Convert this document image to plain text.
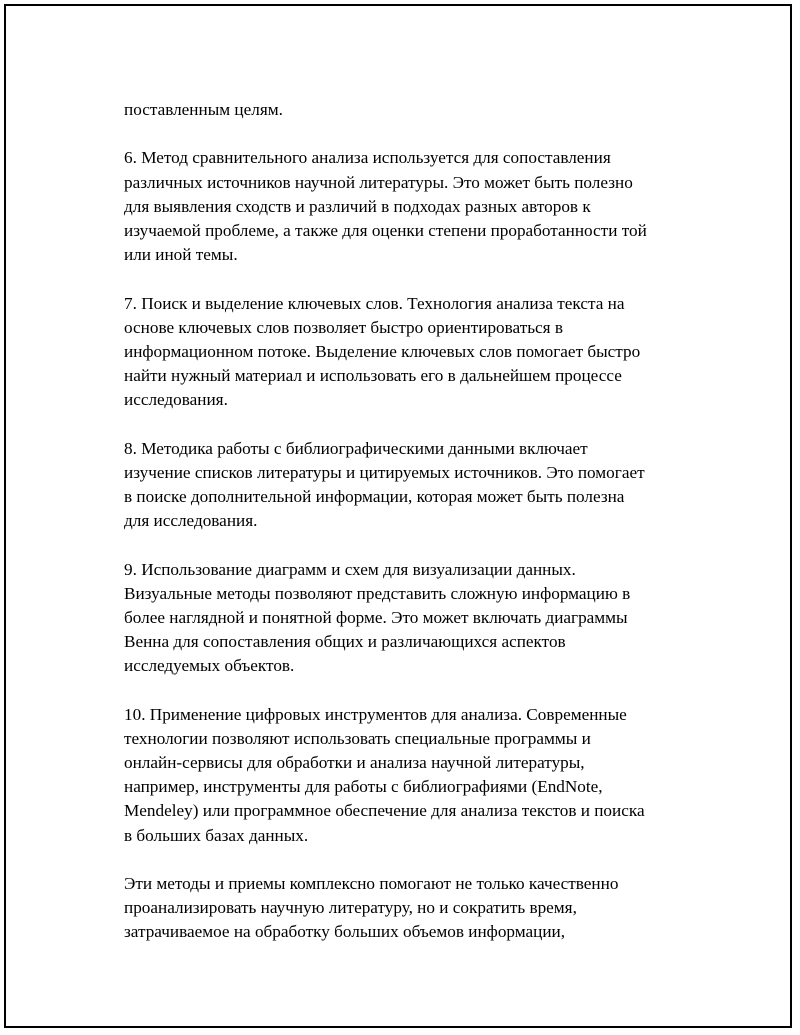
поставленным целям.
6. Метод сравнительного анализа используется для сопоставления
различных источников научной литературы. Это может быть полезно
для выявления сходств и различий в подходах разных авторов к
изучаемой проблеме, а также для оценки степени проработанности той
или иной темы.
7. Поиск и выделение ключевых слов. Технология анализа текста на
основе ключевых слов позволяет быстро ориентироваться в
информационном потоке. Выделение ключевых слов помогает быстро
найти нужный материал и использовать его в дальнейшем процессе
исследования.
8. Методика работы с библиографическими данными включает
изучение списков литературы и цитируемых источников. Это помогает
в поиске дополнительной информации, которая может быть полезна
для исследования.
9. Использование диаграмм и схем для визуализации данных.
Визуальные методы позволяют представить сложную информацию в
более наглядной и понятной форме. Это может включать диаграммы
Венна для сопоставления общих и различающихся аспектов
исследуемых объектов.
10. Применение цифровых инструментов для анализа. Современные
технологии позволяют использовать специальные программы и
онлайн-сервисы для обработки и анализа научной литературы,
например, инструменты для работы с библиографиями (EndNote,
Mendeley) или программное обеспечение для анализа текстов и поиска
в больших базах данных.
Эти методы и приемы комплексно помогают не только качественно
проанализировать научную литературу, но и сократить время,
затрачиваемое на обработку больших объемов информации,
